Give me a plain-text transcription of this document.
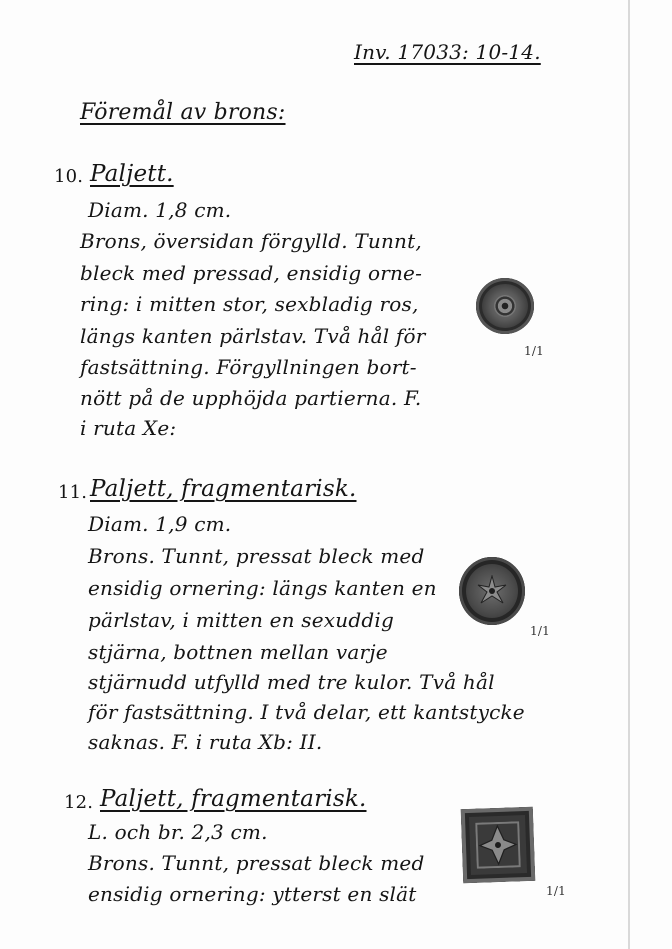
Inv. 17033: 10-14.
Föremål av brons:
10. Paljett.
Diam. 1,8 cm.
Brons, översidan förgylld. Tunnt,
bleck med pressad, ensidig orne-
ring: i mitten stor, sexbladig ros,
längs kanten pärlstav. Två hål för
fastsättning. Förgyllningen bort-
nött på de upphöjda partierna. F.
i ruta Xe:
1/1
11. Paljett, fragmentarisk.
Diam. 1,9 cm.
Brons. Tunnt, pressat bleck med
ensidig ornering: längs kanten en
pärlstav, i mitten en sexuddig
stjärna, bottnen mellan varje
stjärnudd utfylld med tre kulor. Två hål
för fastsättning. I två delar, ett kantstycke
saknas. F. i ruta Xb: II.
1/1
12. Paljett, fragmentarisk.
L. och br. 2,3 cm.
Brons. Tunnt, pressat bleck med
ensidig ornering: ytterst en slät	1/1
